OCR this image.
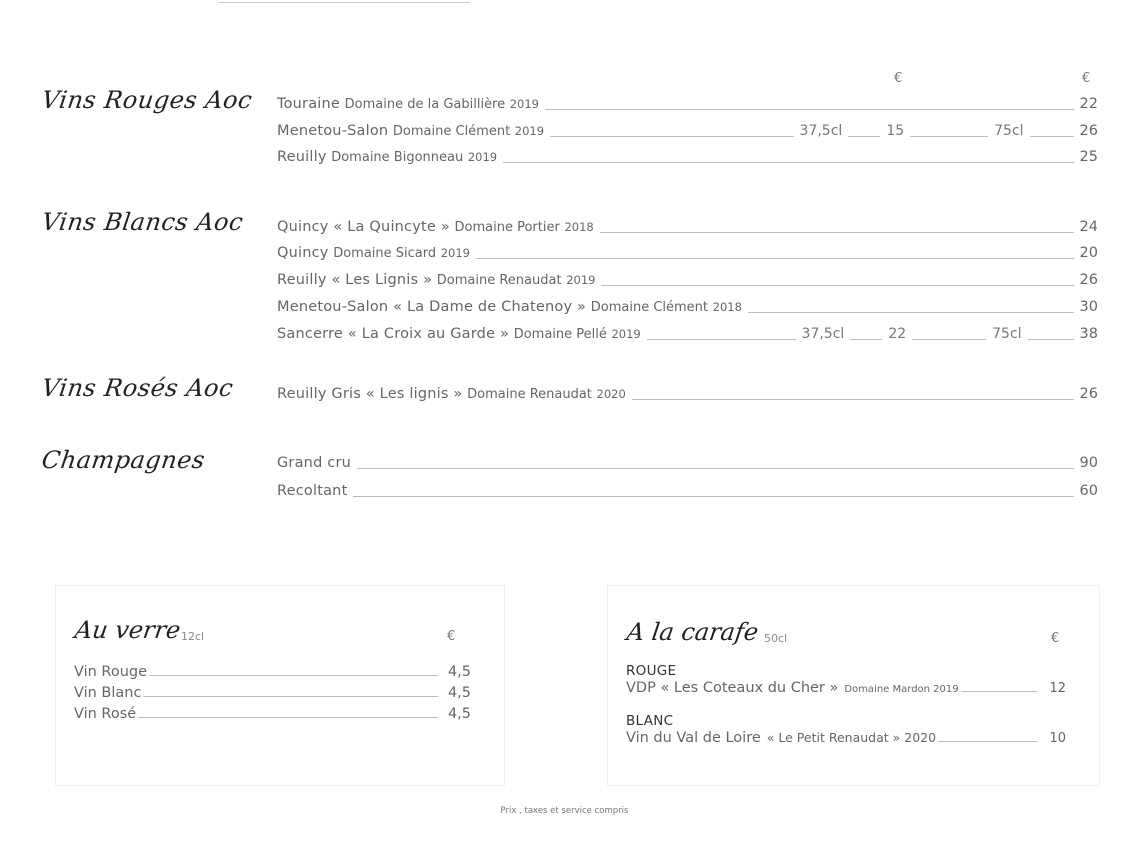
€	€
Vins Rouges Aoc Touraine Domaine de la Gabillière 2019	22
Menetou-Salon Domaine Clément 2019	37,5cl	15	75cl	26
Reuilly Domaine Bigonneau 2019	25
Vins Blancs Aoc Quincy « La Quincyte » Domaine Portier 2018	24
Quincy Domaine Sicard 2019	20
Reuilly « Les Lignis » Domaine Renaudat 2019	26
Menetou-Salon « La Dame de Chatenoy » Domaine Clément 2018	30
Sancerre « La Croix au Garde » Domaine Pellé 2019	37,5cl	22	75cl	38
Vins Rosés Aoc	Reuilly Gris « Les lignis » Domaine Renaudat 2020	26
Champagnes	Grand cru	90
Recoltant	60
Au verre
12cl	€
Vin Rouge	4,5
Vin Blanc	4,5
Vin Rosé	4,5
A la carafe 50cl	€
ROUGE
VDP « Les Coteaux du Cher » Domaine Mardon 2019	12
BLANC
Vin du Val de Loire « Le Petit Renaudat » 2020	10
Prix , taxes et service compris
